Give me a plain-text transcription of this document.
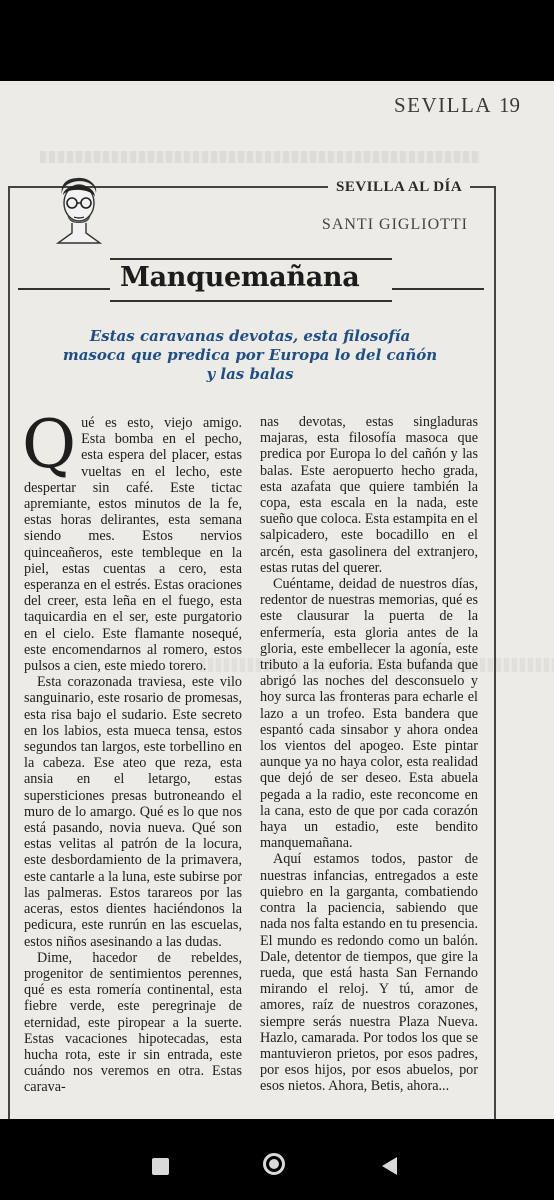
SEVILLA 19
SEVILLA AL DÍA
SANTI GIGLIOTTI
Manquemañana
Estas caravanas devotas, esta filosofía masoca que predica por Europa lo del cañón y las balas

Qué es esto, viejo amigo. Esta bomba en el pecho, esta espera del placer, estas vueltas en el lecho, este despertar sin café. Este tictac apremiante, estos minutos de la fe, estas horas delirantes, esta semana siendo mes. Estos nervios quinceañeros, este tembleque en la piel, estas cuentas a cero, esta esperanza en el estrés. Estas oraciones del creer, esta leña en el fuego, esta taquicardia en el ser, este purgatorio en el cielo. Este flamante nosequé, este encomendarnos al romero, estos pulsos a cien, este miedo torero.

Esta corazonada traviesa, este vilo sanguinario, este rosario de promesas, esta risa bajo el sudario. Este secreto en los labios, esta mueca tensa, estos segundos tan largos, este torbellino en la cabeza. Ese ateo que reza, esta ansia en el letargo, estas supersticiones presas butroneando el muro de lo amargo. Qué es lo que nos está pasando, novia nueva. Qué son estas velitas al patrón de la locura, este desbordamiento de la primavera, este cantarle a la luna, este subirse por las palmeras. Estos tarareos por las aceras, estos dientes haciéndonos la pedicura, este runrún en las escuelas, estos niños asesinando a las dudas.

Dime, hacedor de rebeldes, progenitor de sentimientos perennes, qué es esta romería continental, esta fiebre verde, este peregrinaje de eternidad, este piropear a la suerte. Estas vacaciones hipotecadas, esta hucha rota, este ir sin entrada, este cuándo nos veremos en otra. Estas carava-

nas devotas, estas singladuras majaras, esta filosofía masoca que predica por Europa lo del cañón y las balas. Este aeropuerto hecho grada, esta azafata que quiere también la copa, esta escala en la nada, este sueño que coloca. Esta estampita en el salpicadero, este bocadillo en el arcén, esta gasolinera del extranjero, estas rutas del querer.

Cuéntame, deidad de nuestros días, redentor de nuestras memorias, qué es este clausurar la puerta de la enfermería, esta gloria antes de la gloria, este embellecer la agonía, este tributo a la euforia. Esta bufanda que abrigó las noches del desconsuelo y hoy surca las fronteras para echarle el lazo a un trofeo. Esta bandera que espantó cada sinsabor y ahora ondea los vientos del apogeo. Este pintar aunque ya no haya color, esta realidad que dejó de ser deseo. Esta abuela pegada a la radio, este reconcome en la cana, esto de que por cada corazón haya un estadio, este bendito manquemañana.

Aquí estamos todos, pastor de nuestras infancias, entregados a este quiebro en la garganta, combatiendo contra la paciencia, sabiendo que nada nos falta estando en tu presencia. El mundo es redondo como un balón. Dale, detentor de tiempos, que gire la rueda, que está hasta San Fernando mirando el reloj. Y tú, amor de amores, raíz de nuestros corazones, siempre serás nuestra Plaza Nueva. Hazlo, camarada. Por todos los que se mantuvieron prietos, por esos padres, por esos hijos, por esos abuelos, por esos nietos. Ahora, Betis, ahora...
